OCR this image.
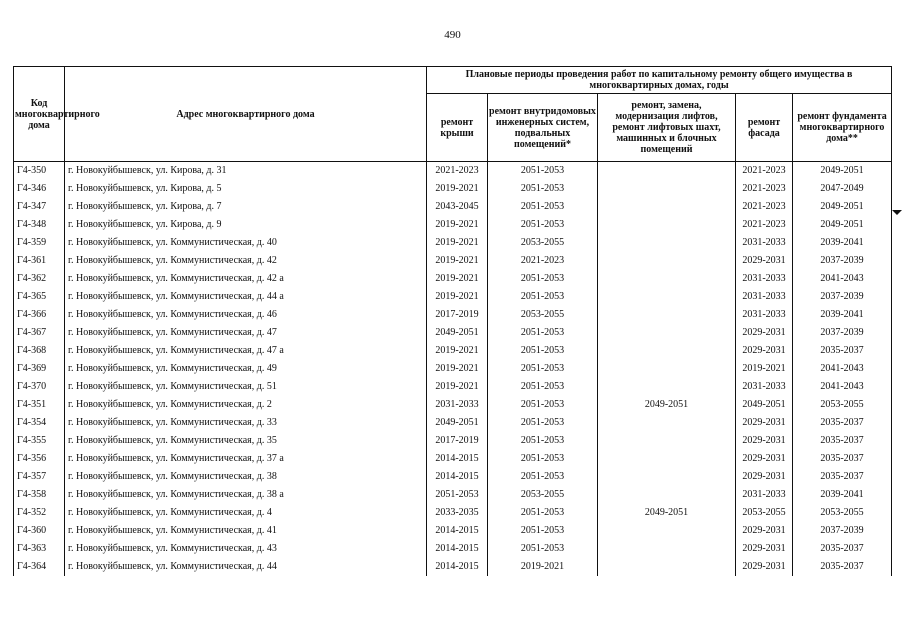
490
Код многоквартирного дома	Адрес многоквартирного дома	Плановые периоды проведения работ по капитальному ремонту общего имущества в многоквартирных домах, годы				
		ремонт крыши	ремонт внутридомовых инженерных систем, подвальных помещений*	ремонт, замена, модернизация лифтов, ремонт лифтовых шахт, машинных и блочных помещений	ремонт фасада	ремонт фундамента многоквартирного дома**
Г4-350	г. Новокуйбышевск, ул. Кирова, д. 31	2021-2023	2051-2053		2021-2023	2049-2051
Г4-346	г. Новокуйбышевск, ул. Кирова, д. 5	2019-2021	2051-2053		2021-2023	2047-2049
Г4-347	г. Новокуйбышевск, ул. Кирова, д. 7	2043-2045	2051-2053		2021-2023	2049-2051
Г4-348	г. Новокуйбышевск, ул. Кирова, д. 9	2019-2021	2051-2053		2021-2023	2049-2051
Г4-359	г. Новокуйбышевск, ул. Коммунистическая, д. 40	2019-2021	2053-2055		2031-2033	2039-2041
Г4-361	г. Новокуйбышевск, ул. Коммунистическая, д. 42	2019-2021	2021-2023		2029-2031	2037-2039
Г4-362	г. Новокуйбышевск, ул. Коммунистическая, д. 42 а	2019-2021	2051-2053		2031-2033	2041-2043
Г4-365	г. Новокуйбышевск, ул. Коммунистическая, д. 44 а	2019-2021	2051-2053		2031-2033	2037-2039
Г4-366	г. Новокуйбышевск, ул. Коммунистическая, д. 46	2017-2019	2053-2055		2031-2033	2039-2041
Г4-367	г. Новокуйбышевск, ул. Коммунистическая, д. 47	2049-2051	2051-2053		2029-2031	2037-2039
Г4-368	г. Новокуйбышевск, ул. Коммунистическая, д. 47 а	2019-2021	2051-2053		2029-2031	2035-2037
Г4-369	г. Новокуйбышевск, ул. Коммунистическая, д. 49	2019-2021	2051-2053		2019-2021	2041-2043
Г4-370	г. Новокуйбышевск, ул. Коммунистическая, д. 51	2019-2021	2051-2053		2031-2033	2041-2043
Г4-351	г. Новокуйбышевск, ул. Коммунистическая, д. 2	2031-2033	2051-2053	2049-2051	2049-2051	2053-2055
Г4-354	г. Новокуйбышевск, ул. Коммунистическая, д. 33	2049-2051	2051-2053		2029-2031	2035-2037
Г4-355	г. Новокуйбышевск, ул. Коммунистическая, д. 35	2017-2019	2051-2053		2029-2031	2035-2037
Г4-356	г. Новокуйбышевск, ул. Коммунистическая, д. 37 а	2014-2015	2051-2053		2029-2031	2035-2037
Г4-357	г. Новокуйбышевск, ул. Коммунистическая, д. 38	2014-2015	2051-2053		2029-2031	2035-2037
Г4-358	г. Новокуйбышевск, ул. Коммунистическая, д. 38 а	2051-2053	2053-2055		2031-2033	2039-2041
Г4-352	г. Новокуйбышевск, ул. Коммунистическая, д. 4	2033-2035	2051-2053	2049-2051	2053-2055	2053-2055
Г4-360	г. Новокуйбышевск, ул. Коммунистическая, д. 41	2014-2015	2051-2053		2029-2031	2037-2039
Г4-363	г. Новокуйбышевск, ул. Коммунистическая, д. 43	2014-2015	2051-2053		2029-2031	2035-2037
Г4-364	г. Новокуйбышевск, ул. Коммунистическая, д. 44	2014-2015	2019-2021		2029-2031	2035-2037
